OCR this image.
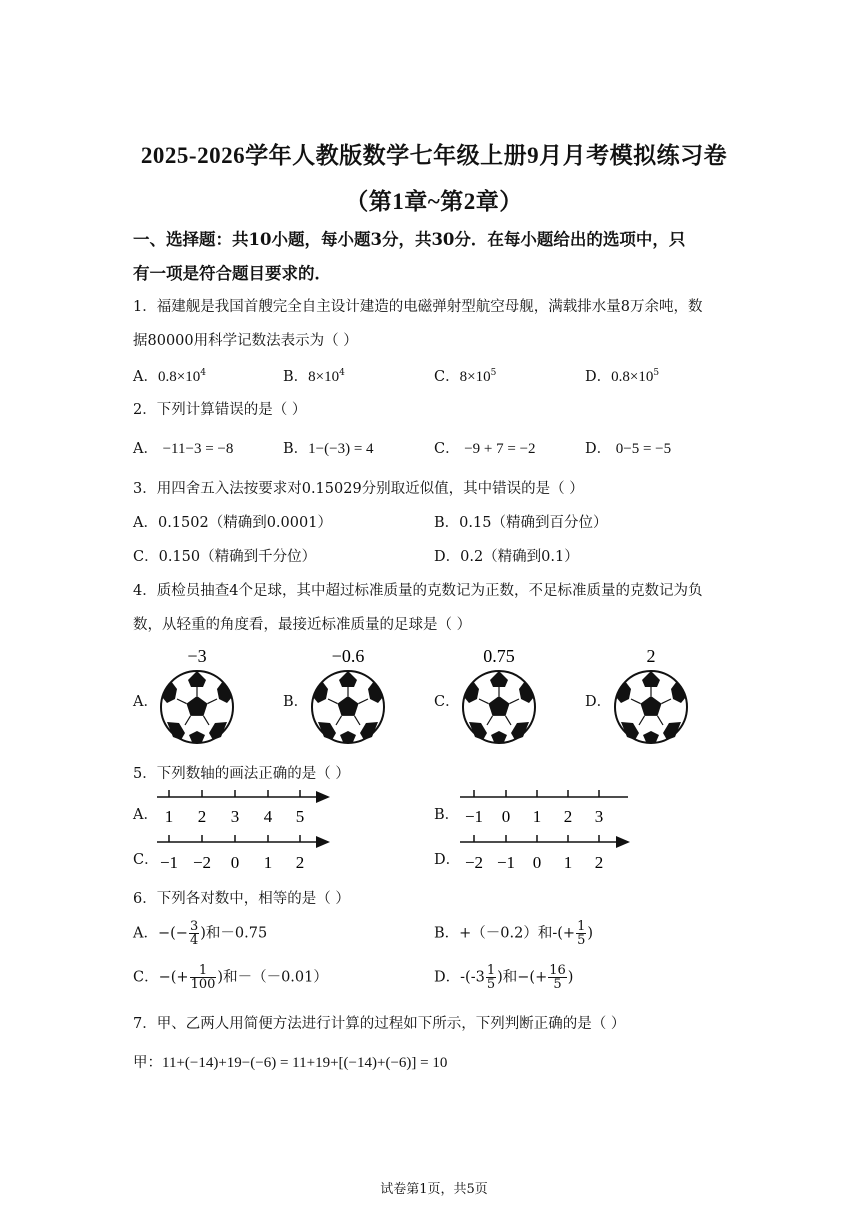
2025-2026学年人教版数学七年级上册9月月考模拟练习卷
（第1章~第2章）
一、选择题：共10小题，每小题3分，共30分．在每小题给出的选项中，只
有一项是符合题目要求的．
1．福建舰是我国首艘完全自主设计建造的电磁弹射型航空母舰，满载排水量8万余吨，数
据80000用科学记数法表示为（ ）
A．$0.8\times 10^4$	B．$8\times 10^4$	C．$8\times 10^5$	D．$0.8\times 10^5$
2．下列计算错误的是（ ）
A． −11−3 = −8	B．1−(−3) = 4	C． −9 + 7 = −2	D． 0−5 = −5
3．用四舍五入法按要求对0.15029分别取近似值，其中错误的是（ ）
A．0.1502（精确到0.0001）	B．0.15（精确到百分位）
C．0.150（精确到千分位）	D．0.2（精确到0.1）
4．质检员抽查4个足球，其中超过标准质量的克数记为正数，不足标准质量的克数记为负
数，从轻重的角度看，最接近标准质量的足球是（ ）
−3	−0.6	0.75	2
1 2 3 4 5	−1 0 1 2 3
−1 −2 0 1 2	−2 −1 0 1 2
A．	B．	C．	D．
5．下列数轴的画法正确的是（ ）
A．	B．
C．	D．
6．下列各对数中，相等的是（ ）
A．−(− $\frac{3}{4}$ )和－0.75	B．+（－0.2）和-(+ $\frac{1}{5}$ )
C．−(+ $\frac{1}{100}$ )和－（－0.01）	D．$-(-3 \frac{1}{5}$ )和−(+ $\frac{16}{5}$ )
7．甲、乙两人用简便方法进行计算的过程如下所示，下列判断正确的是（ ）
甲：11+(−14)+19−(−6) = 11+19+[(−14)+(−6)] = 10
试卷第1页，共5页
